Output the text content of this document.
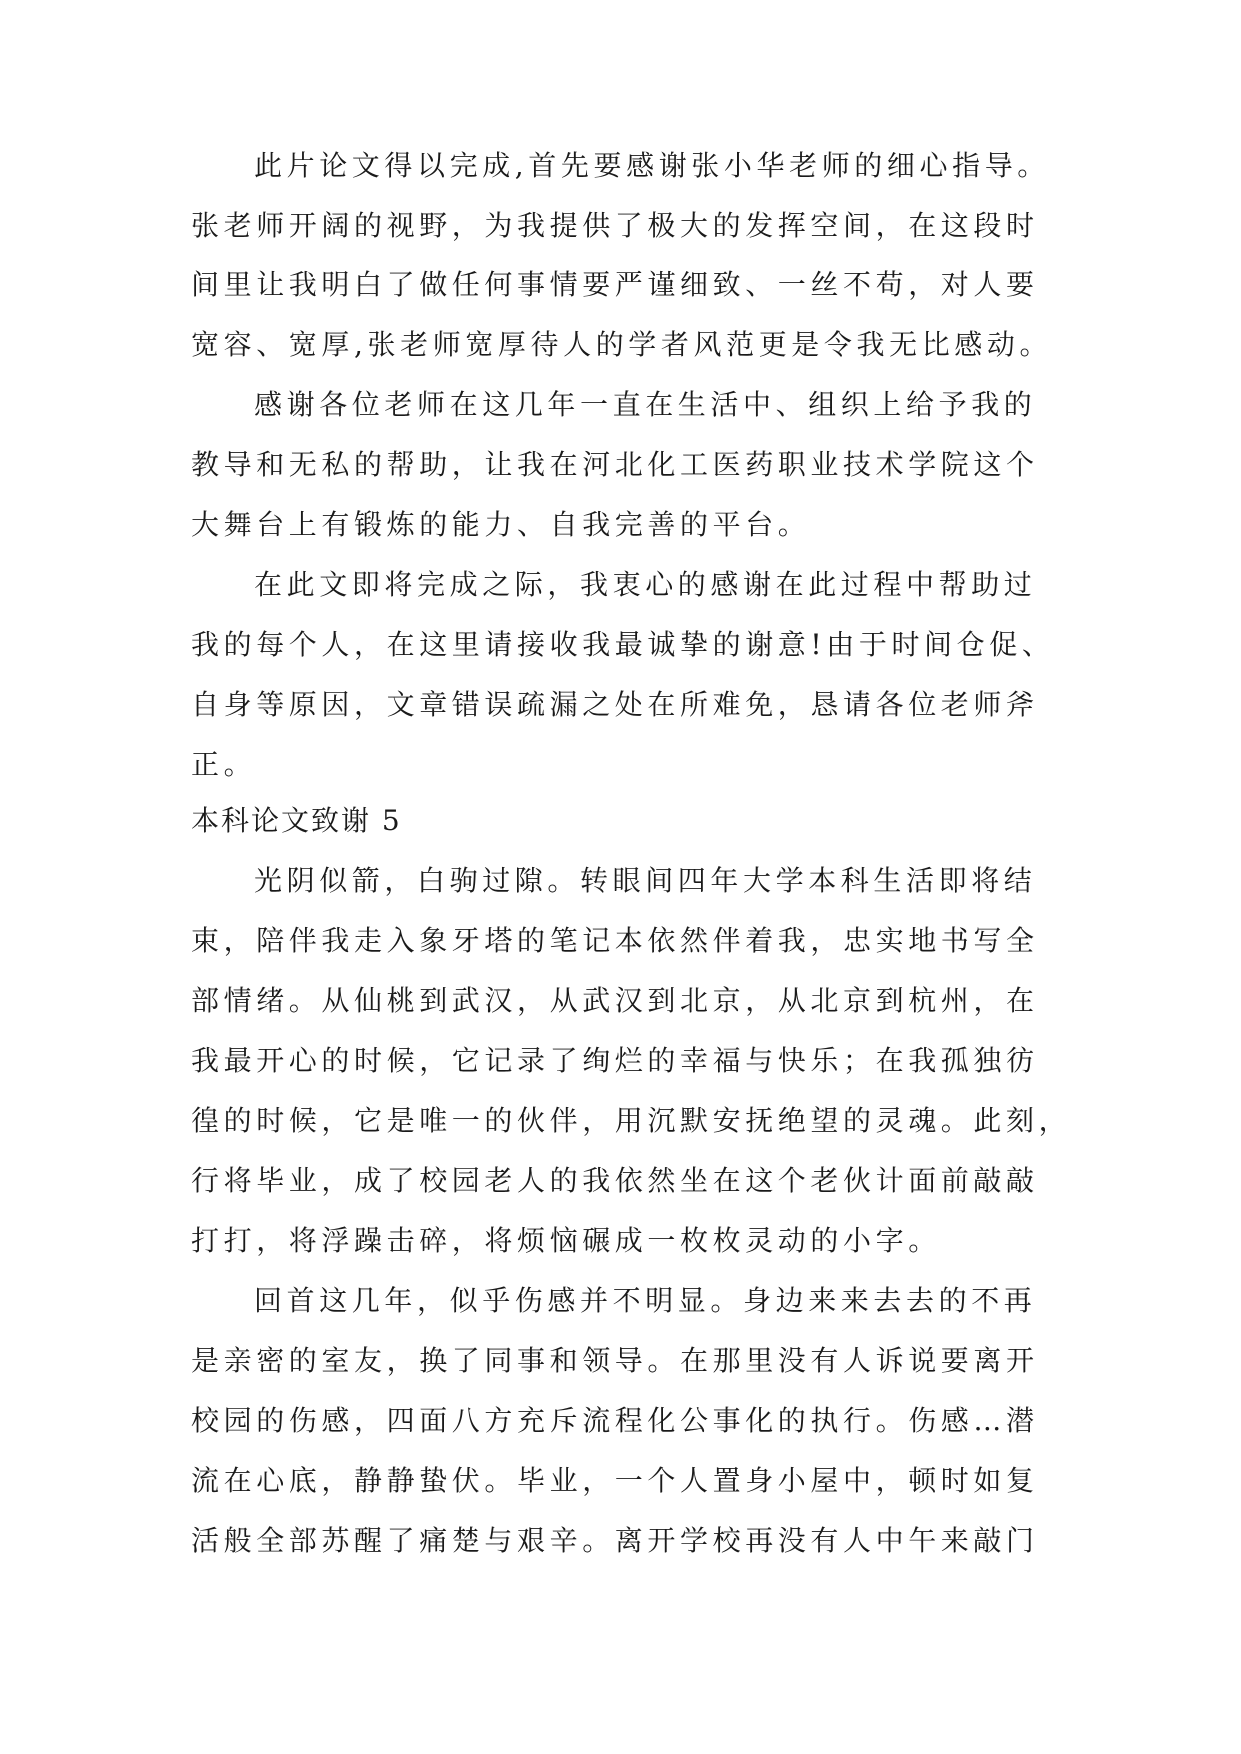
此片论文得以完成,首先要感谢张小华老师的细心指导。
张老师开阔的视野，为我提供了极大的发挥空间，在这段时
间里让我明白了做任何事情要严谨细致、一丝不苟，对人要
宽容、宽厚,张老师宽厚待人的学者风范更是令我无比感动。
感谢各位老师在这几年一直在生活中、组织上给予我的
教导和无私的帮助，让我在河北化工医药职业技术学院这个
大舞台上有锻炼的能力、自我完善的平台。
在此文即将完成之际，我衷心的感谢在此过程中帮助过
我的每个人，在这里请接收我最诚挚的谢意!由于时间仓促、
自身等原因，文章错误疏漏之处在所难免，恳请各位老师斧
正。
本科论文致谢 5
光阴似箭，白驹过隙。转眼间四年大学本科生活即将结
束，陪伴我走入象牙塔的笔记本依然伴着我，忠实地书写全
部情绪。从仙桃到武汉，从武汉到北京，从北京到杭州，在
我最开心的时候，它记录了绚烂的幸福与快乐；在我孤独彷
徨的时候，它是唯一的伙伴，用沉默安抚绝望的灵魂。此刻，
行将毕业，成了校园老人的我依然坐在这个老伙计面前敲敲
打打，将浮躁击碎，将烦恼碾成一枚枚灵动的小字。
回首这几年，似乎伤感并不明显。身边来来去去的不再
是亲密的室友，换了同事和领导。在那里没有人诉说要离开
校园的伤感，四面八方充斥流程化公事化的执行。伤感…潜
流在心底，静静蛰伏。毕业，一个人置身小屋中，顿时如复
活般全部苏醒了痛楚与艰辛。离开学校再没有人中午来敲门
